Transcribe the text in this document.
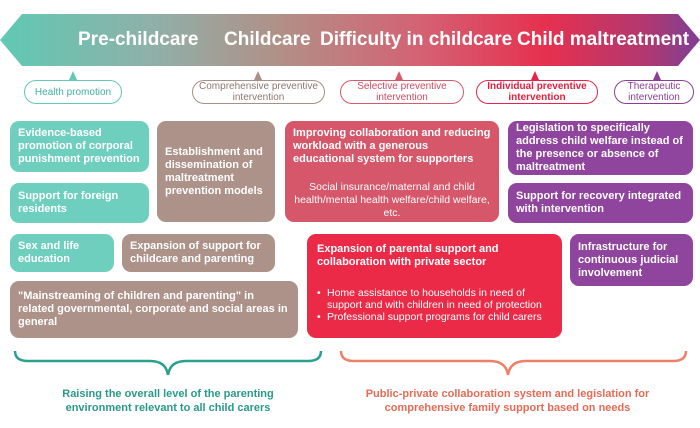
Pre-childcare Childcare Difficulty in childcare Child maltreatment
Health promotion	Comprehensive preventive intervention
Selective preventive intervention
Individual preventive intervention
Therapeutic intervention
Evidence-based promotion of corporal punishment prevention
Support for foreign residents
Sex and life education
Establishment and dissemination of maltreatment prevention models
Expansion of support for childcare and parenting
"Mainstreaming of children and parenting" in related governmental, corporate and social areas in general
Improving collaboration and reducing workload with a generous educational system for supporters
Social insurance/maternal and child health/mental health welfare/child welfare, etc.
Expansion of parental support and collaboration with private sector
• Home assistance to households in need of support and with children in need of protection
• Professional support programs for child carers
Legislation to specifically address child welfare instead of the presence or absence of maltreatment
Support for recovery integrated with intervention
Infrastructure for continuous judicial involvement
Raising the overall level of the parenting environment relevant to all child carers
Public-private collaboration system and legislation for comprehensive family support based on needs
